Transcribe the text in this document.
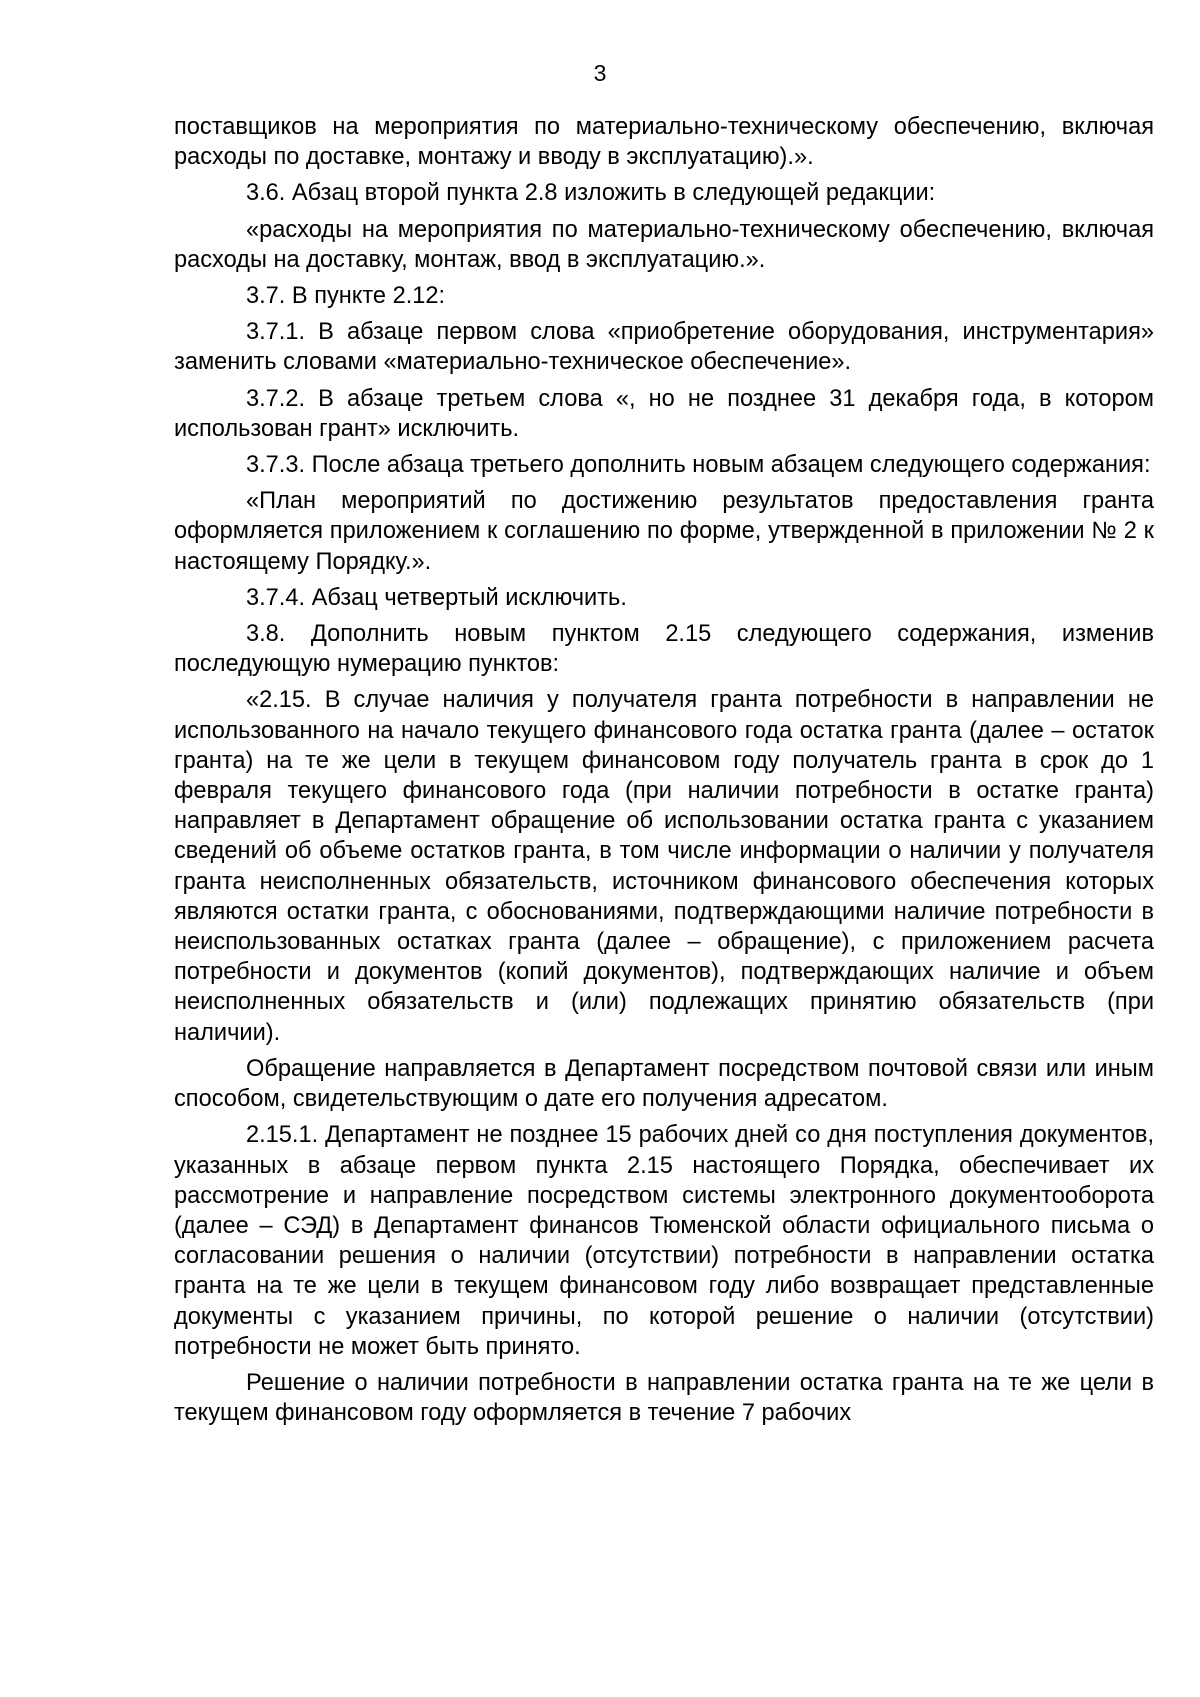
3

поставщиков на мероприятия по материально-техническому обеспечению, включая расходы по доставке, монтажу и вводу в эксплуатацию).».

3.6. Абзац второй пункта 2.8 изложить в следующей редакции:

«расходы на мероприятия по материально-техническому обеспечению, включая расходы на доставку, монтаж, ввод в эксплуатацию.».

3.7. В пункте 2.12:

3.7.1. В абзаце первом слова «приобретение оборудования, инструментария» заменить словами «материально-техническое обеспечение».

3.7.2. В абзаце третьем слова «, но не позднее 31 декабря года, в котором использован грант» исключить.

3.7.3. После абзаца третьего дополнить новым абзацем следующего содержания:

«План мероприятий по достижению результатов предоставления гранта оформляется приложением к соглашению по форме, утвержденной в приложении № 2 к настоящему Порядку.».

3.7.4. Абзац четвертый исключить.

3.8. Дополнить новым пунктом 2.15 следующего содержания, изменив последующую нумерацию пунктов:

«2.15. В случае наличия у получателя гранта потребности в направлении не использованного на начало текущего финансового года остатка гранта (далее – остаток гранта) на те же цели в текущем финансовом году получатель гранта в срок до 1 февраля текущего финансового года (при наличии потребности в остатке гранта) направляет в Департамент обращение об использовании остатка гранта с указанием сведений об объеме остатков гранта, в том числе информации о наличии у получателя гранта неисполненных обязательств, источником финансового обеспечения которых являются остатки гранта, с обоснованиями, подтверждающими наличие потребности в неиспользованных остатках гранта (далее – обращение), с приложением расчета потребности и документов (копий документов), подтверждающих наличие и объем неисполненных обязательств и (или) подлежащих принятию обязательств (при наличии).

Обращение направляется в Департамент посредством почтовой связи или иным способом, свидетельствующим о дате его получения адресатом.

2.15.1. Департамент не позднее 15 рабочих дней со дня поступления документов, указанных в абзаце первом пункта 2.15 настоящего Порядка, обеспечивает их рассмотрение и направление посредством системы электронного документооборота (далее – СЭД) в Департамент финансов Тюменской области официального письма о согласовании решения о наличии (отсутствии) потребности в направлении остатка гранта на те же цели в текущем финансовом году либо возвращает представленные документы с указанием причины, по которой решение о наличии (отсутствии) потребности не может быть принято.

Решение о наличии потребности в направлении остатка гранта на те же цели в текущем финансовом году оформляется в течение 7 рабочих
